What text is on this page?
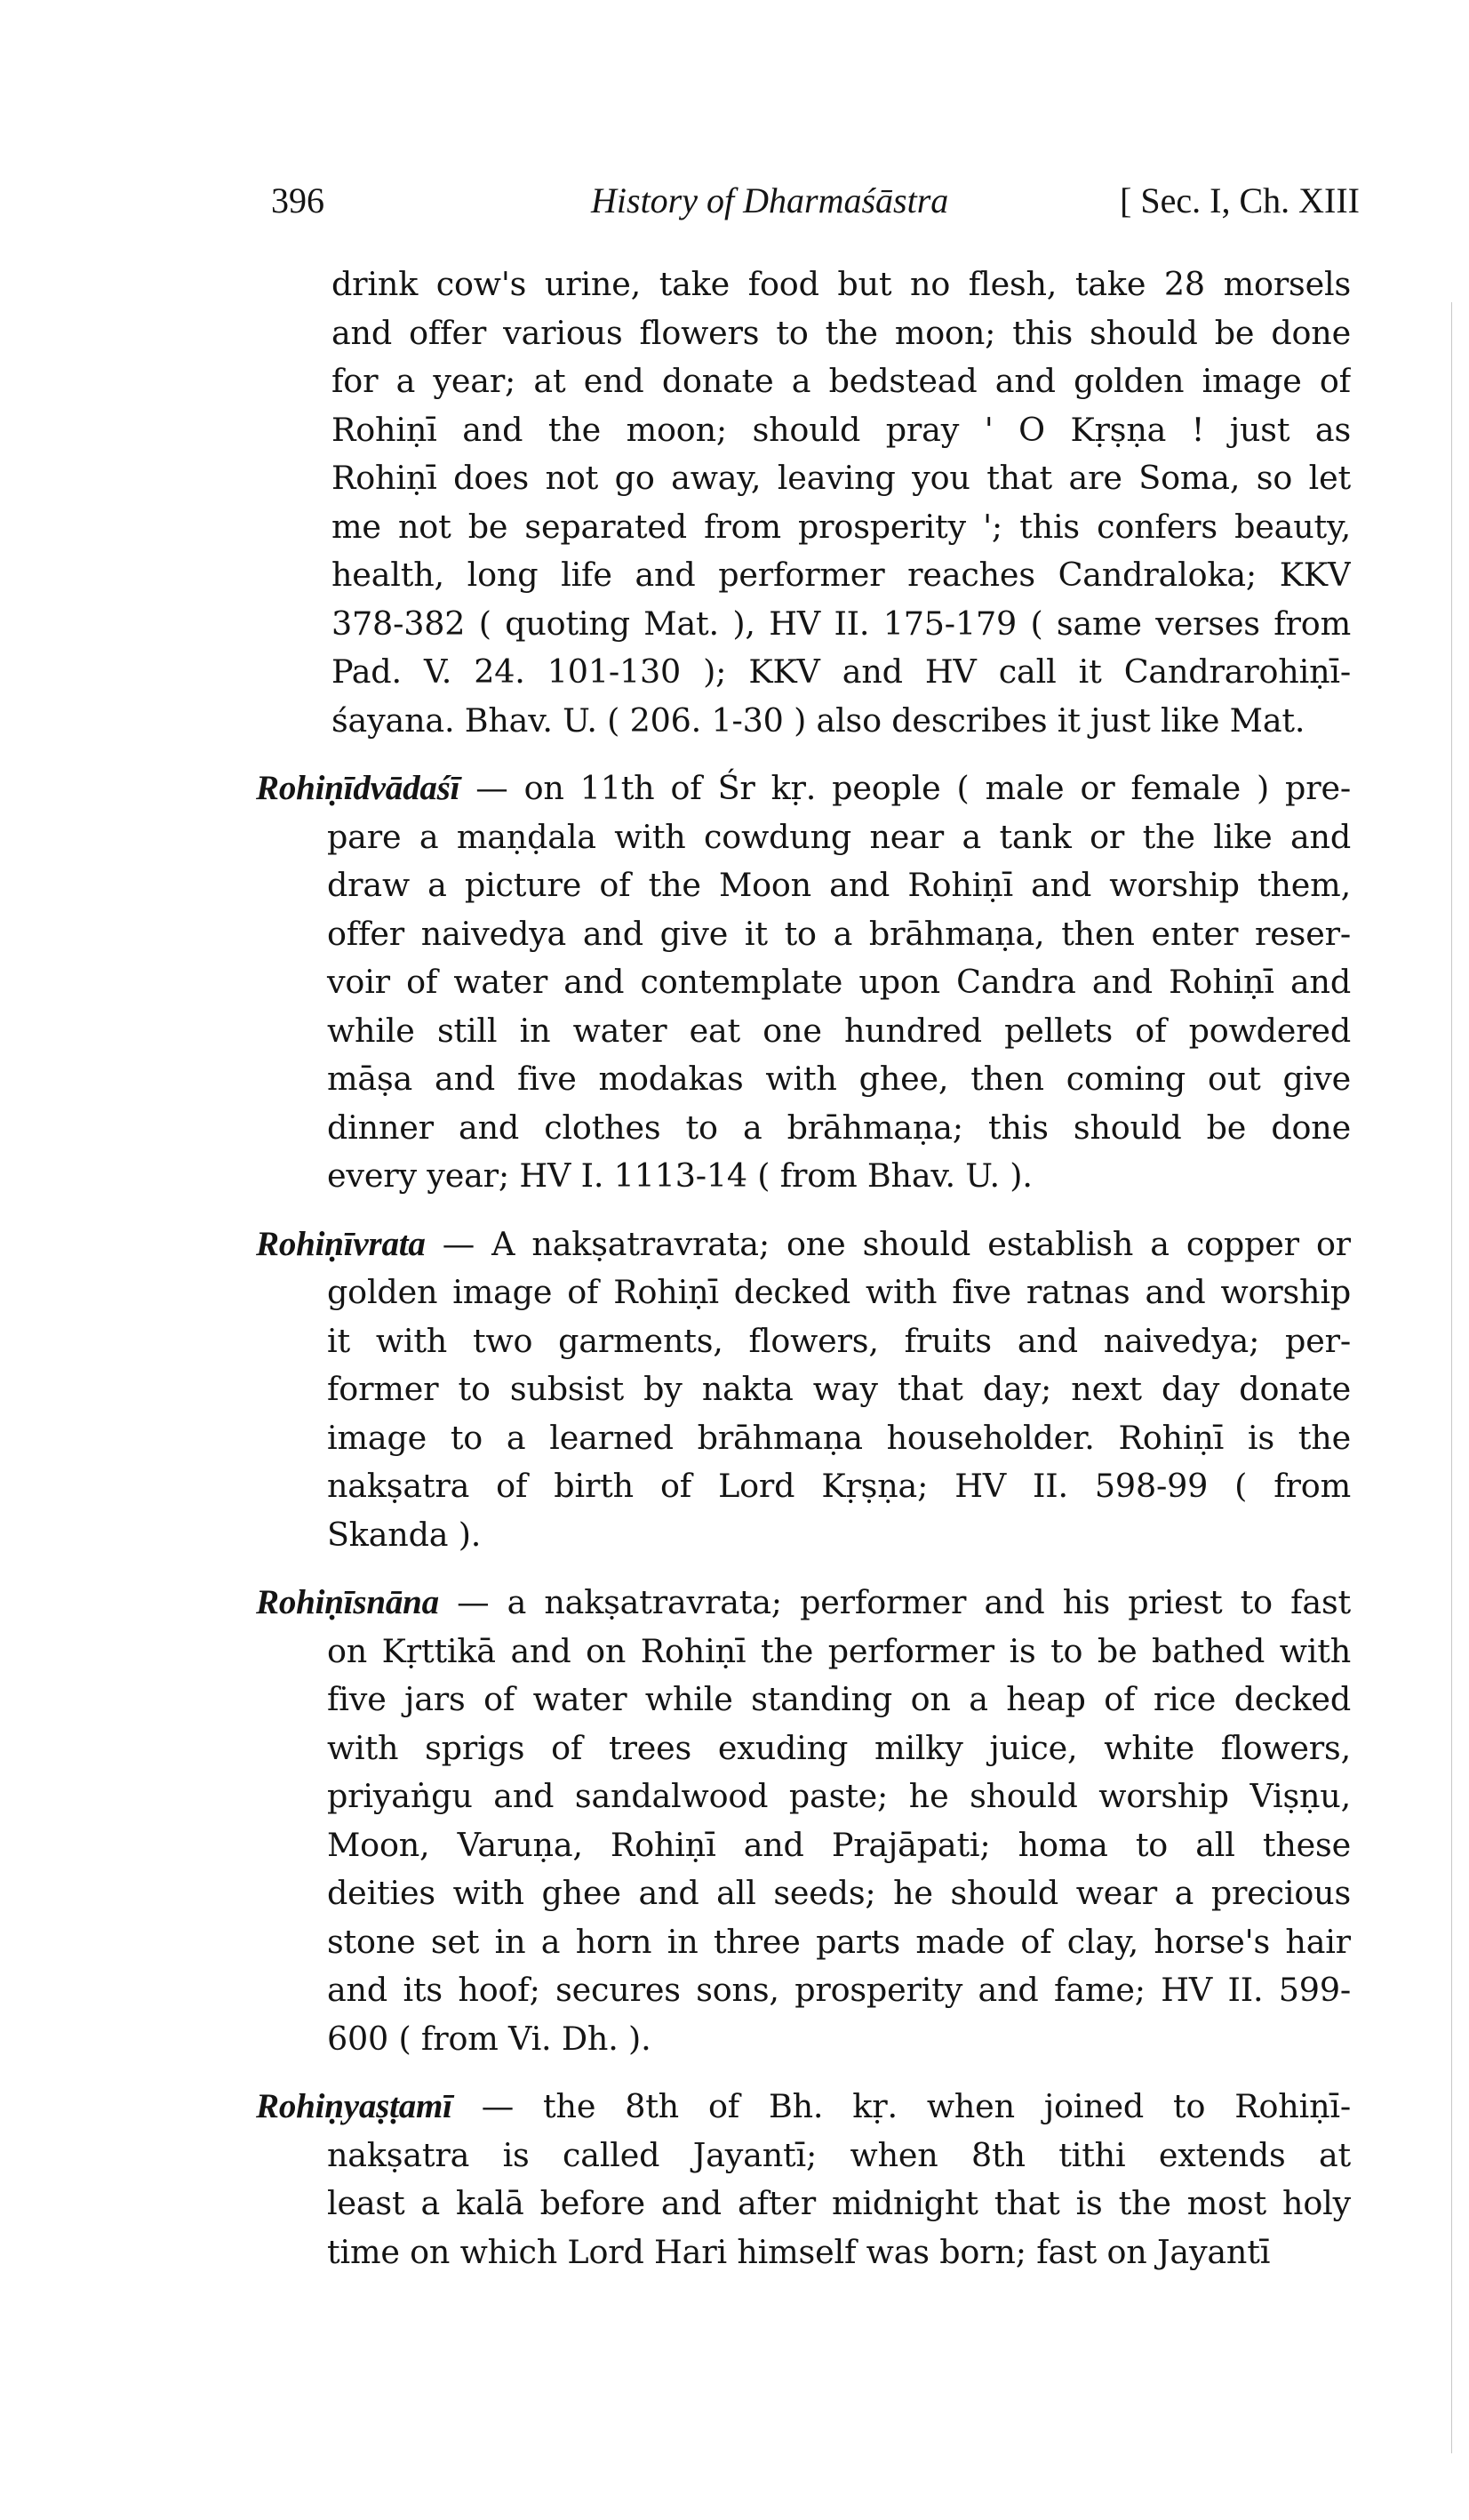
396	History of Dharmaśāstra	[ Sec. I, Ch. XIII
drink cow's urine, take food but no flesh, take 28 morsels
and offer various flowers to the moon; this should be done
for a year; at end donate a bedstead and golden image of
Rohiṇī and the moon; should pray ' O Kṛṣṇa ! just as
Rohiṇī does not go away, leaving you that are Soma, so let
me not be separated from prosperity '; this confers beauty,
health, long life and performer reaches Candraloka; KKV
378-382 ( quoting Mat. ), HV II. 175-179 ( same verses from
Pad. V. 24. 101-130 ); KKV and HV call it Candrarohiṇī-
śayana. Bhav. U. ( 206. 1-30 ) also describes it just like Mat.
Rohiṇīdvādaśī — on 11th of Śr kṛ. people ( male or female ) pre-
pare a maṇḍala with cowdung near a tank or the like and
draw a picture of the Moon and Rohiṇī and worship them,
offer naivedya and give it to a brāhmaṇa, then enter reser-
voir of water and contemplate upon Candra and Rohiṇī and
while still in water eat one hundred pellets of powdered
māṣa and five modakas with ghee, then coming out give
dinner and clothes to a brāhmaṇa; this should be done
every year; HV I. 1113-14 ( from Bhav. U. ).
Rohiṇīvrata — A nakṣatravrata; one should establish a copper or
golden image of Rohiṇī decked with five ratnas and worship
it with two garments, flowers, fruits and naivedya; per-
former to subsist by nakta way that day; next day donate
image to a learned brāhmaṇa householder. Rohiṇī is the
nakṣatra of birth of Lord Kṛṣṇa; HV II. 598-99 ( from
Skanda ).
Rohiṇīsnāna — a nakṣatravrata; performer and his priest to fast
on Kṛttikā and on Rohiṇī the performer is to be bathed with
five jars of water while standing on a heap of rice decked
with sprigs of trees exuding milky juice, white flowers,
priyaṅgu and sandalwood paste; he should worship Viṣṇu,
Moon, Varuṇa, Rohiṇī and Prajāpati; homa to all these
deities with ghee and all seeds; he should wear a precious
stone set in a horn in three parts made of clay, horse's hair
and its hoof; secures sons, prosperity and fame; HV II. 599-
600 ( from Vi. Dh. ).
Rohiṇyaṣṭamī — the 8th of Bh. kṛ. when joined to Rohiṇī-
nakṣatra is called Jayantī; when 8th tithi extends at
least a kalā before and after midnight that is the most holy
time on which Lord Hari himself was born; fast on Jayantī
